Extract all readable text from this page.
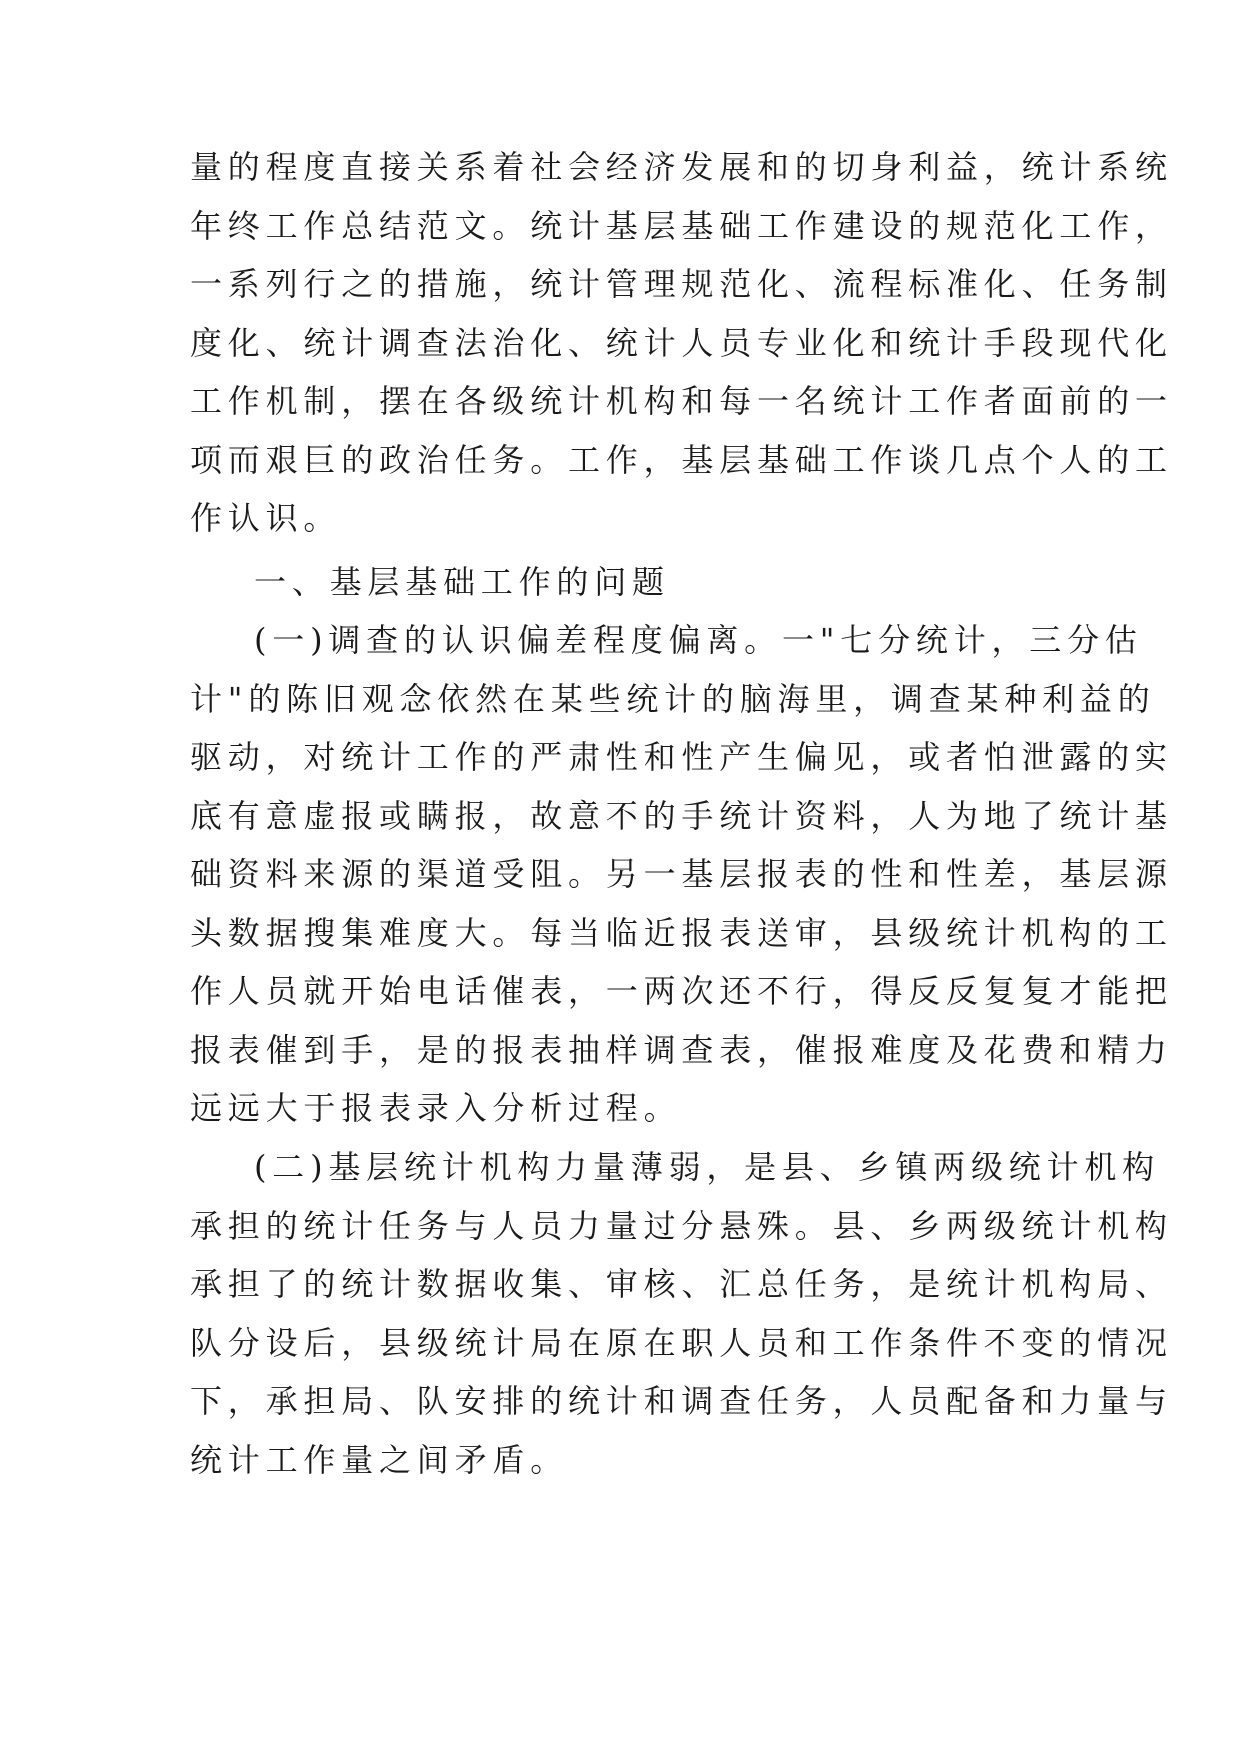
量的程度直接关系着社会经济发展和的切身利益，统计系统
年终工作总结范文。统计基层基础工作建设的规范化工作，
一系列行之的措施，统计管理规范化、流程标准化、任务制
度化、统计调查法治化、统计人员专业化和统计手段现代化
工作机制，摆在各级统计机构和每一名统计工作者面前的一
项而艰巨的政治任务。工作，基层基础工作谈几点个人的工
作认识。
一、基层基础工作的问题
(一)调查的认识偏差程度偏离。一"七分统计，三分估
计"的陈旧观念依然在某些统计的脑海里，调查某种利益的
驱动，对统计工作的严肃性和性产生偏见，或者怕泄露的实
底有意虚报或瞒报，故意不的手统计资料，人为地了统计基
础资料来源的渠道受阻。另一基层报表的性和性差，基层源
头数据搜集难度大。每当临近报表送审，县级统计机构的工
作人员就开始电话催表，一两次还不行，得反反复复才能把
报表催到手，是的报表抽样调查表，催报难度及花费和精力
远远大于报表录入分析过程。
(二)基层统计机构力量薄弱，是县、乡镇两级统计机构
承担的统计任务与人员力量过分悬殊。县、乡两级统计机构
承担了的统计数据收集、审核、汇总任务，是统计机构局、
队分设后，县级统计局在原在职人员和工作条件不变的情况
下，承担局、队安排的统计和调查任务，人员配备和力量与
统计工作量之间矛盾。
